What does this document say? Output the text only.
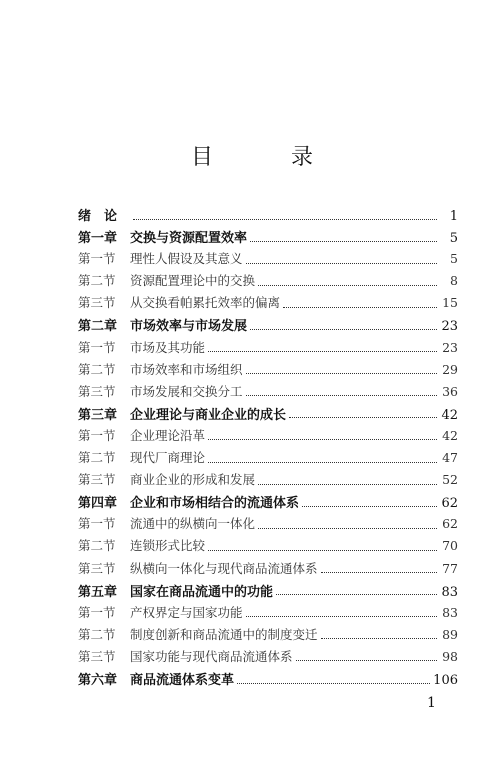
目　录
绪　论	1
第一章 交换与资源配置效率	5
第一节	理性人假设及其意义	5
第二节	资源配置理论中的交换	8
第三节	从交换看帕累托效率的偏离	15
第二章 市场效率与市场发展	23
第一节	市场及其功能	23
第二节	市场效率和市场组织	29
第三节	市场发展和交换分工	36
第三章 企业理论与商业企业的成长	42
第一节	企业理论沿革	42
第二节	现代厂商理论	47
第三节	商业企业的形成和发展	52
第四章 企业和市场相结合的流通体系	62
第一节	流通中的纵横向一体化	62
第二节	连锁形式比较	70
第三节	纵横向一体化与现代商品流通体系	77
第五章 国家在商品流通中的功能	83
第一节	产权界定与国家功能	83
第二节	制度创新和商品流通中的制度变迁	89
第三节	国家功能与现代商品流通体系	98
第六章 商品流通体系变革	106
1
